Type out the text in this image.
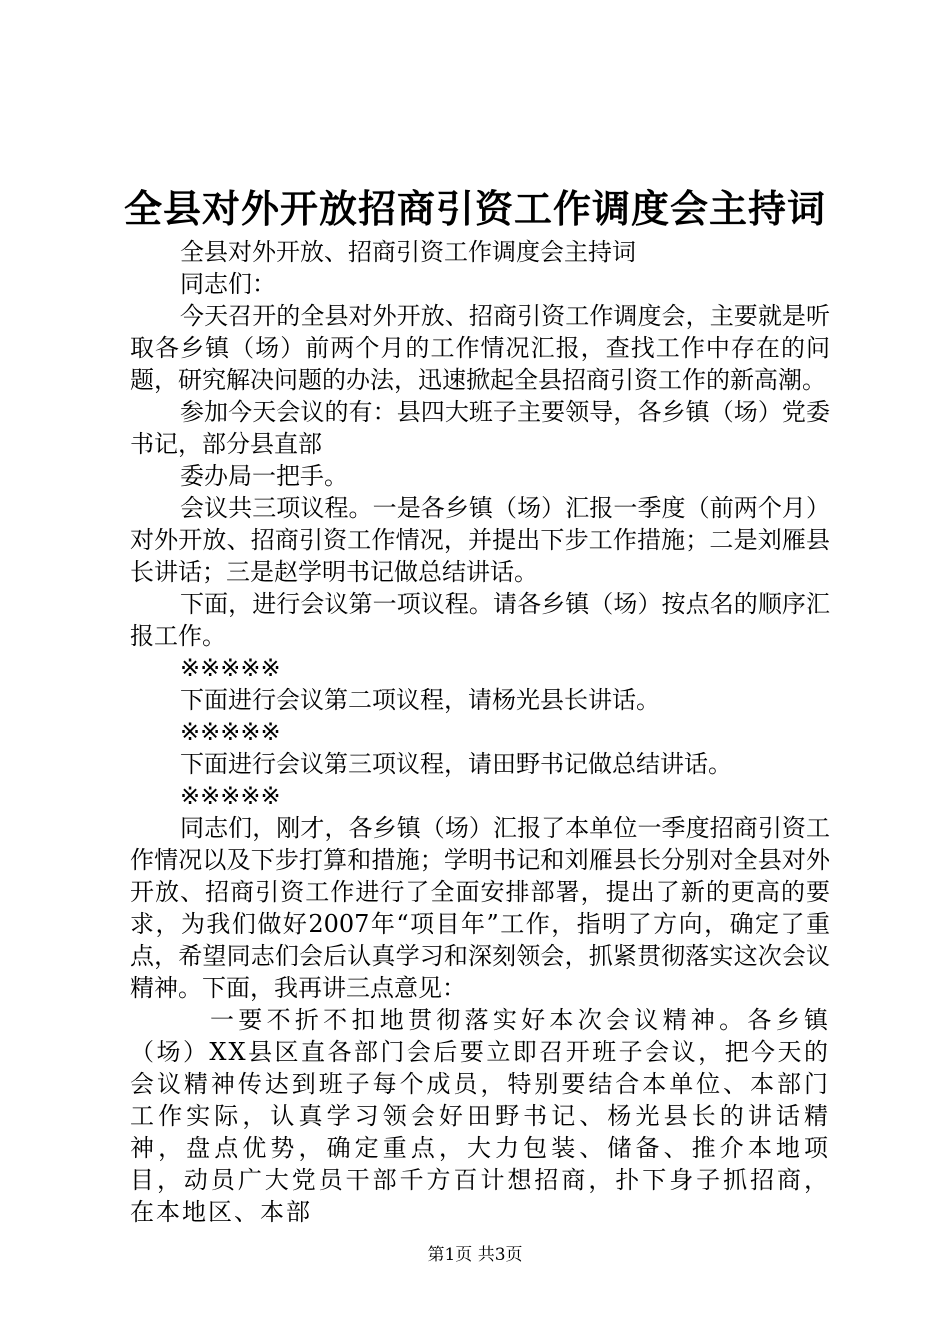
全县对外开放招商引资工作调度会主持词

全县对外开放、招商引资工作调度会主持词

同志们：

今天召开的全县对外开放、招商引资工作调度会，主要就是听取各乡镇（场）前两个月的工作情况汇报，查找工作中存在的问题，研究解决问题的办法，迅速掀起全县招商引资工作的新高潮。

参加今天会议的有：县四大班子主要领导，各乡镇（场）党委书记，部分县直部

委办局一把手。

会议共三项议程。一是各乡镇（场）汇报一季度（前两个月）对外开放、招商引资工作情况，并提出下步工作措施；二是刘雁县长讲话；三是赵学明书记做总结讲话。

下面，进行会议第一项议程。请各乡镇（场）按点名的顺序汇报工作。

※※※※※

下面进行会议第二项议程，请杨光县长讲话。

※※※※※

下面进行会议第三项议程，请田野书记做总结讲话。

※※※※※

同志们，刚才，各乡镇（场）汇报了本单位一季度招商引资工作情况以及下步打算和措施；学明书记和刘雁县长分别对全县对外开放、招商引资工作进行了全面安排部署，提出了新的更高的要求，为我们做好2007年“项目年”工作，指明了方向，确定了重点，希望同志们会后认真学习和深刻领会，抓紧贯彻落实这次会议精神。下面，我再讲三点意见：

一要不折不扣地贯彻落实好本次会议精神。各乡镇（场）XX县区直各部门会后要立即召开班子会议，把今天的会议精神传达到班子每个成员，特别要结合本单位、本部门工作实际，认真学习领会好田野书记、杨光县长的讲话精神，盘点优势，确定重点，大力包装、储备、推介本地项目，动员广大党员干部千方百计想招商，扑下身子抓招商，在本地区、本部

第1页 共3页
